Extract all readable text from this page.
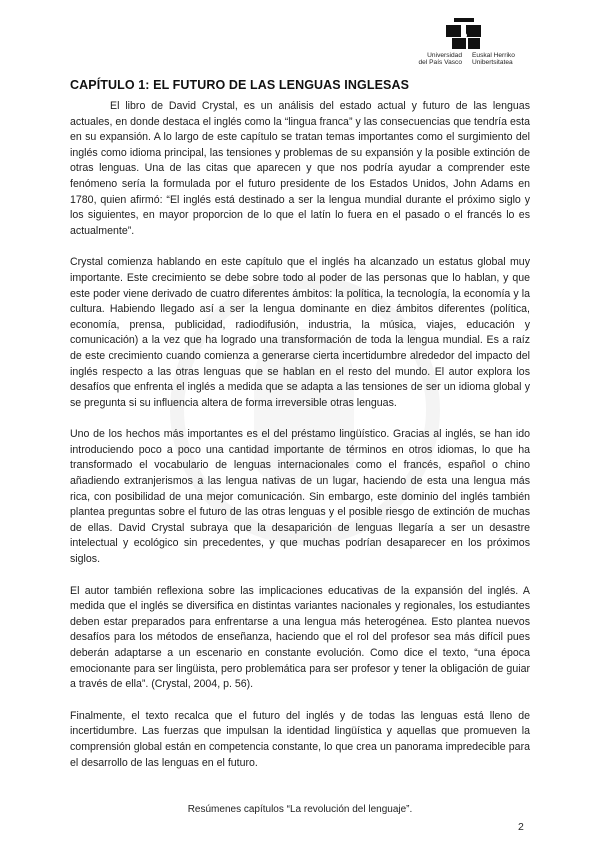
Universidad
del País Vasco
Euskal Herriko
Unibertsitatea
CAPÍTULO 1: EL FUTURO DE LAS LENGUAS INGLESAS

El libro de David Crystal, es un análisis del estado actual y futuro de las lenguas actuales, en donde destaca el inglés como la “lingua franca” y las consecuencias que tendría esta en su expansión. A lo largo de este capítulo se tratan temas importantes como el surgimiento del inglés como idioma principal, las tensiones y problemas de su expansión y la posible extinción de otras lenguas. Una de las citas que aparecen y que nos podría ayudar a comprender este fenómeno sería la formulada por el futuro presidente de los Estados Unidos, John Adams en 1780, quien afirmó: “El inglés está destinado a ser la lengua mundial durante el próximo siglo y los siguientes, en mayor proporcion de lo que el latín lo fuera en el pasado o el francés lo es actualmente”.

Crystal comienza hablando en este capítulo que el inglés ha alcanzado un estatus global muy importante. Este crecimiento se debe sobre todo al poder de las personas que lo hablan, y que este poder viene derivado de cuatro diferentes ámbitos: la política, la tecnología, la economía y la cultura. Habiendo llegado así a ser la lengua dominante en diez ámbitos diferentes (política, economía, prensa, publicidad, radiodifusión, industria, la música, viajes, educación y comunicación) a la vez que ha logrado una transformación de toda la lengua mundial. Es a raíz de este crecimiento cuando comienza a generarse cierta incertidumbre alrededor del impacto del inglés respecto a las otras lenguas que se hablan en el resto del mundo. El autor explora los desafíos que enfrenta el inglés a medida que se adapta a las tensiones de ser un idioma global y se pregunta si su influencia altera de forma irreversible otras lenguas.

Uno de los hechos más importantes es el del préstamo lingüístico. Gracias al inglés, se han ido introduciendo poco a poco una cantidad importante de términos en otros idiomas, lo que ha transformado el vocabulario de lenguas internacionales como el francés, español o chino añadiendo extranjerismos a las lengua nativas de un lugar, haciendo de esta una lengua más rica, con posibilidad de una mejor comunicación. Sin embargo, este dominio del inglés también plantea preguntas sobre el futuro de las otras lenguas y el posible riesgo de extinción de muchas de ellas. David Crystal subraya que la desaparición de lenguas llegaría a ser un desastre intelectual y ecológico sin precedentes, y que muchas podrían desaparecer en los próximos siglos.

El autor también reflexiona sobre las implicaciones educativas de la expansión del inglés. A medida que el inglés se diversifica en distintas variantes nacionales y regionales, los estudiantes deben estar preparados para enfrentarse a una lengua más heterogénea. Esto plantea nuevos desafíos para los métodos de enseñanza, haciendo que el rol del profesor sea más difícil pues deberán adaptarse a un escenario en constante evolución. Como dice el texto, “una época emocionante para ser lingüista, pero problemática para ser profesor y tener la obligación de guiar a través de ella”. (Crystal, 2004, p. 56).

Finalmente, el texto recalca que el futuro del inglés y de todas las lenguas está lleno de incertidumbre. Las fuerzas que impulsan la identidad lingüística y aquellas que promueven la comprensión global están en competencia constante, lo que crea un panorama impredecible para el desarrollo de las lenguas en el futuro.

Resúmenes capítulos “La revolución del lenguaje”.
2
